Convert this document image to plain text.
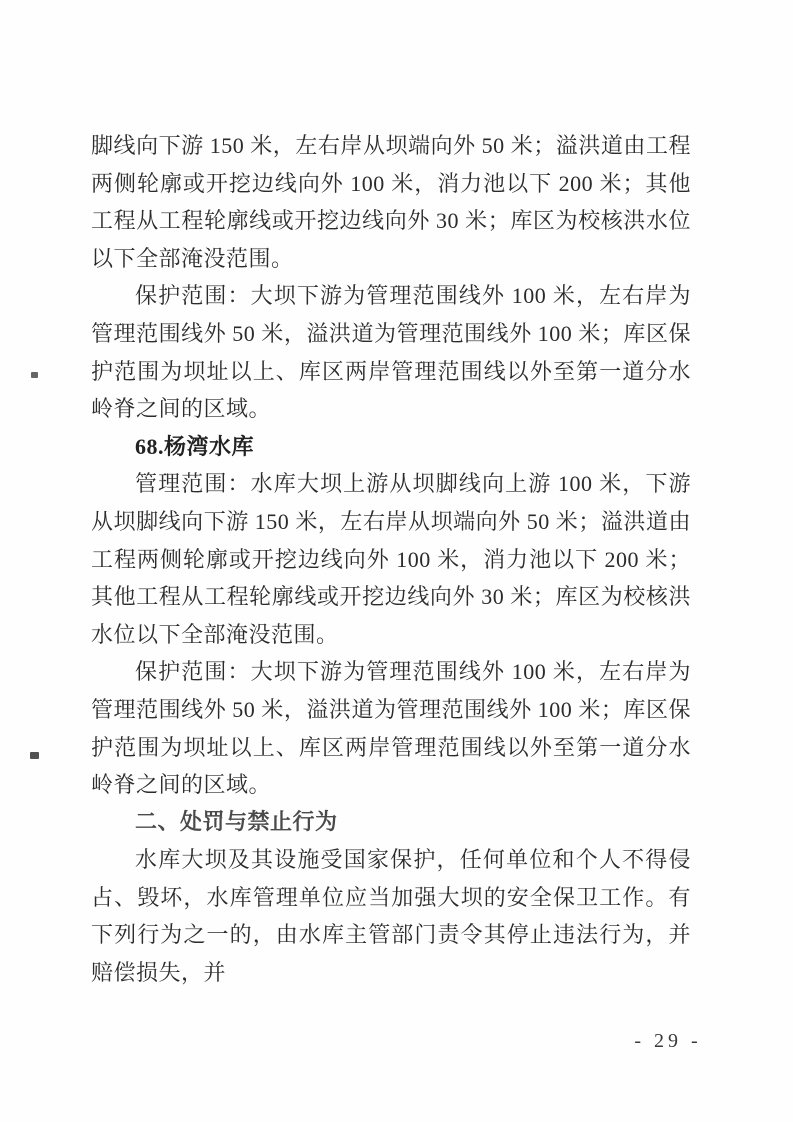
脚线向下游 150 米，左右岸从坝端向外 50 米；溢洪道由工程两侧轮廓或开挖边线向外 100 米，消力池以下 200 米；其他工程从工程轮廓线或开挖边线向外 30 米；库区为校核洪水位以下全部淹没范围。

保护范围：大坝下游为管理范围线外 100 米，左右岸为管理范围线外 50 米，溢洪道为管理范围线外 100 米；库区保护范围为坝址以上、库区两岸管理范围线以外至第一道分水岭脊之间的区域。

68.杨湾水库

管理范围：水库大坝上游从坝脚线向上游 100 米，下游从坝脚线向下游 150 米，左右岸从坝端向外 50 米；溢洪道由工程两侧轮廓或开挖边线向外 100 米，消力池以下 200 米；其他工程从工程轮廓线或开挖边线向外 30 米；库区为校核洪水位以下全部淹没范围。

保护范围：大坝下游为管理范围线外 100 米，左右岸为管理范围线外 50 米，溢洪道为管理范围线外 100 米；库区保护范围为坝址以上、库区两岸管理范围线以外至第一道分水岭脊之间的区域。

二、处罚与禁止行为

水库大坝及其设施受国家保护，任何单位和个人不得侵占、毁坏，水库管理单位应当加强大坝的安全保卫工作。有下列行为之一的，由水库主管部门责令其停止违法行为，并赔偿损失，并

- 29 -
